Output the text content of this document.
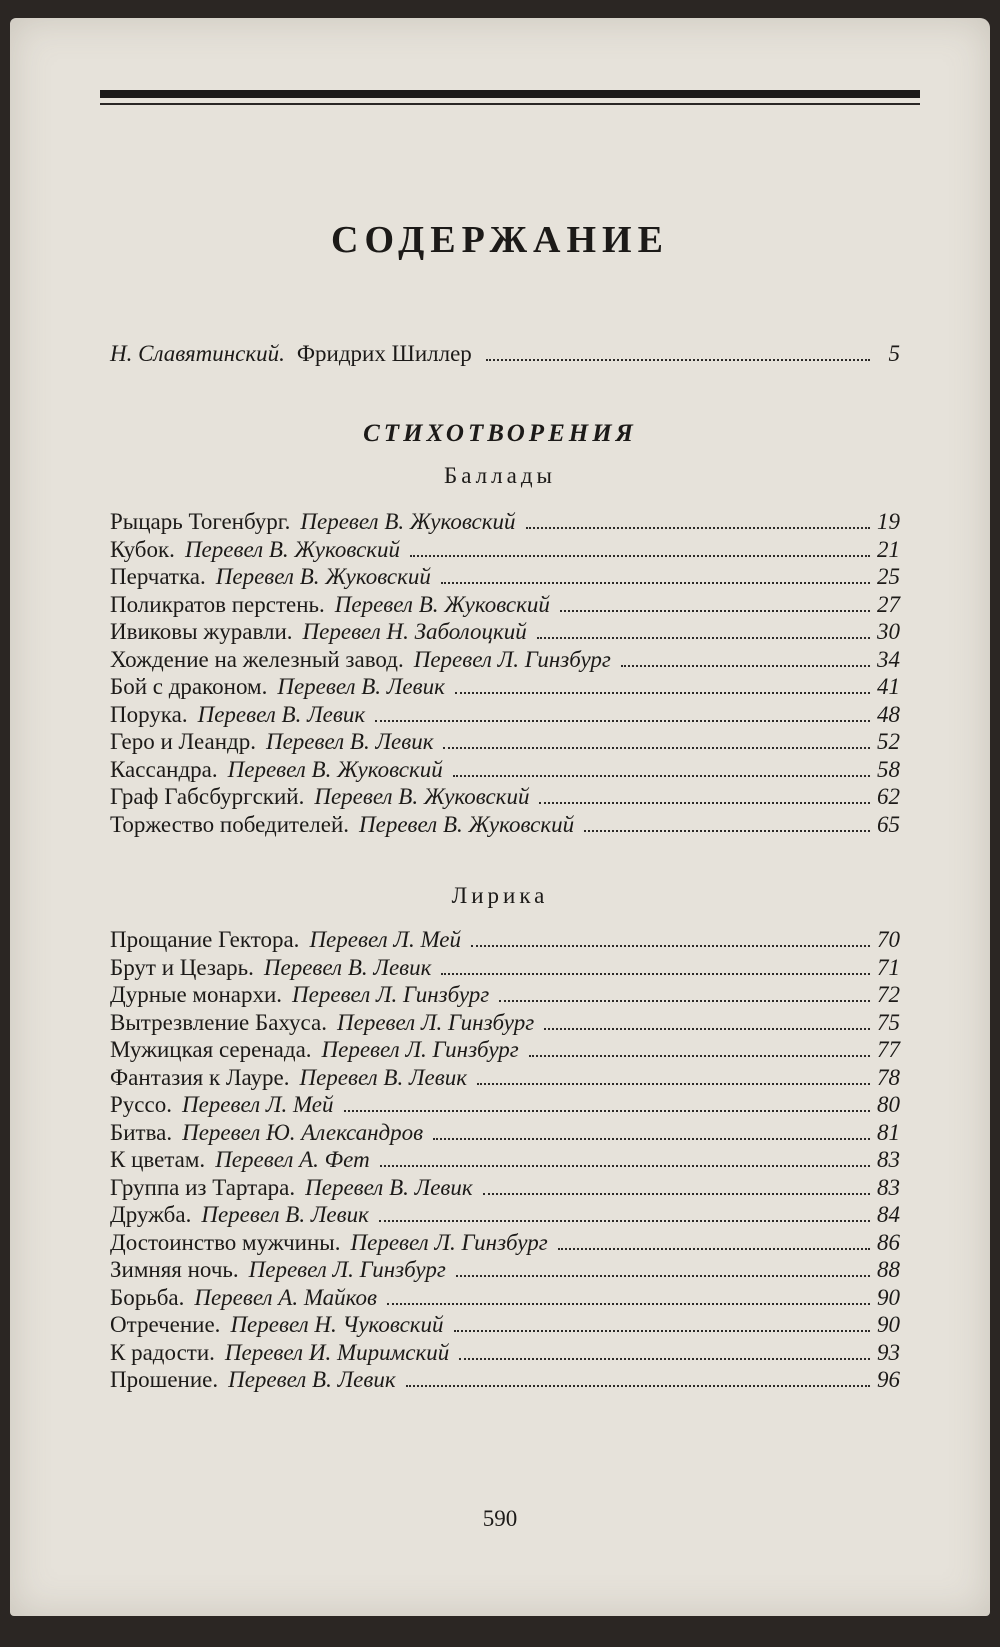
СОДЕРЖАНИЕ
Н. Славятинский. Фридрих Шиллер	5
СТИХОТВОРЕНИЯ
Баллады
Рыцарь Тогенбург. Перевел В. Жуковский	19
Кубок. Перевел В. Жуковский	21
Перчатка. Перевел В. Жуковский	25
Поликратов перстень. Перевел В. Жуковский	27
Ивиковы журавли. Перевел Н. Заболоцкий	30
Хождение на железный завод. Перевел Л. Гинзбург	34
Бой с драконом. Перевел В. Левик	41
Порука. Перевел В. Левик	48
Геро и Леандр. Перевел В. Левик	52
Кассандра. Перевел В. Жуковский	58
Граф Габсбургский. Перевел В. Жуковский	62
Торжество победителей. Перевел В. Жуковский	65
Лирика
Прощание Гектора. Перевел Л. Мей	70
Брут и Цезарь. Перевел В. Левик	71
Дурные монархи. Перевел Л. Гинзбург	72
Вытрезвление Бахуса. Перевел Л. Гинзбург	75
Мужицкая серенада. Перевел Л. Гинзбург	77
Фантазия к Лауре. Перевел В. Левик	78
Руссо. Перевел Л. Мей	80
Битва. Перевел Ю. Александров	81
К цветам. Перевел А. Фет	83
Группа из Тартара. Перевел В. Левик	83
Дружба. Перевел В. Левик	84
Достоинство мужчины. Перевел Л. Гинзбург	86
Зимняя ночь. Перевел Л. Гинзбург	88
Борьба. Перевел А. Майков	90
Отречение. Перевел Н. Чуковский	90
К радости. Перевел И. Миримский	93
Прошение. Перевел В. Левик	96
590
